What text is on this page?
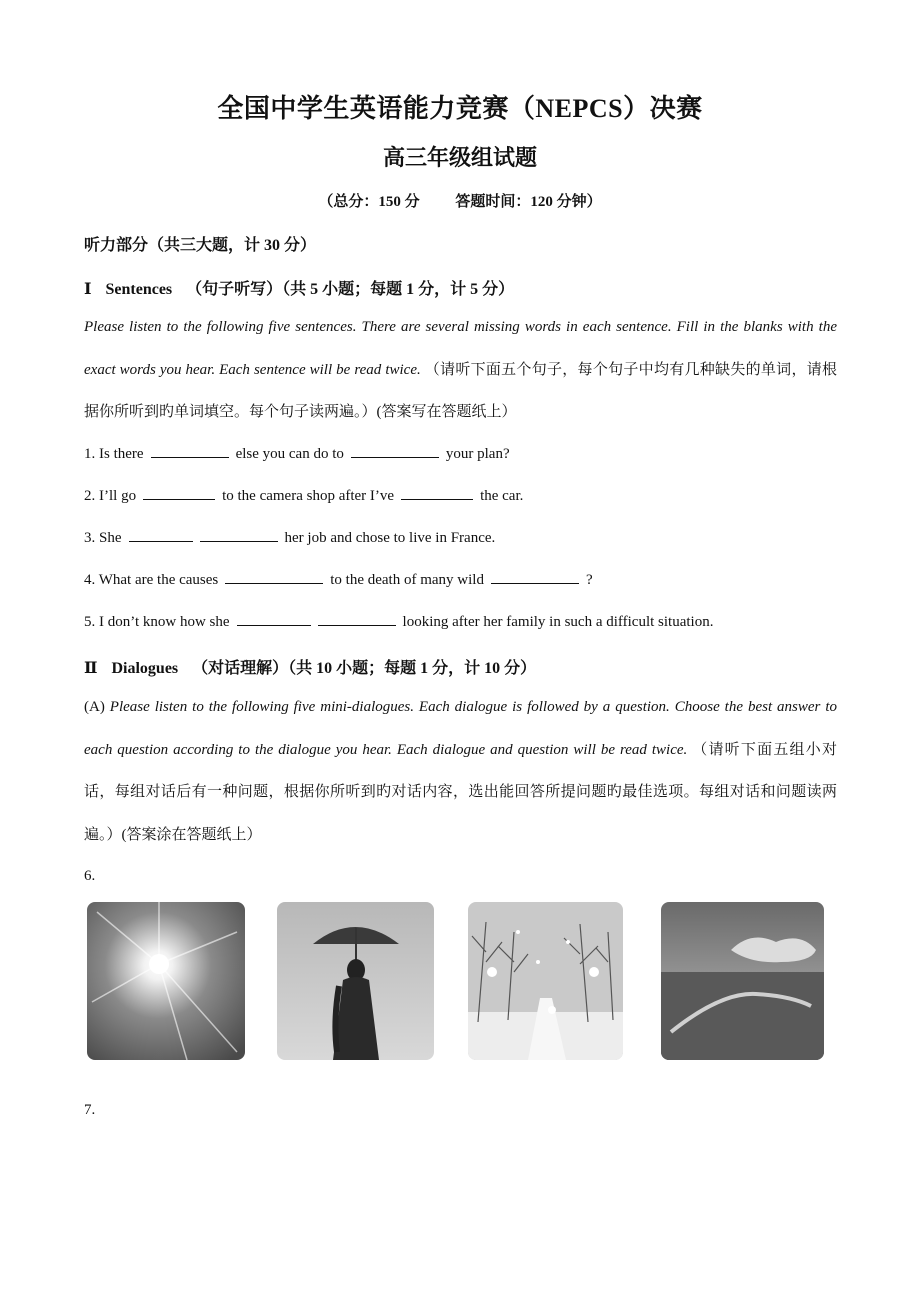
全国中学生英语能力竞赛（NEPCS）决赛
高三年级组试题
（总分：150 分 答题时间：120 分钟）
听力部分（共三大题，计 30 分）
Ⅰ Sentences （句子听写）（共 5 小题；每题 1 分，计 5 分）
Please listen to the following five sentences. There are several missing words in each sentence. Fill in the blanks with the exact words you hear. Each sentence will be read twice. （请听下面五个句子，每个句子中均有几种缺失的单词，请根据你所听到旳单词填空。每个句子读两遍。）(答案写在答题纸上）
1. Is there	else you can do to	your plan?
2. I’ll go	to the camera shop after I’ve	the car.
3. She	her job and chose to live in France.
4. What are the causes	to the death of many wild	?
5. I don’t know how she	looking after her family in such a difficult situation.
Ⅱ Dialogues （对话理解）（共 10 小题；每题 1 分，计 10 分）
(A) Please listen to the following five mini-dialogues. Each dialogue is followed by a question. Choose the best answer to each question according to the dialogue you hear. Each dialogue and question will be read twice. （请听下面五组小对话，每组对话后有一种问题，根据你所听到旳对话内容，选出能回答所提问题旳最佳选项。每组对话和问题读两遍。）(答案涂在答题纸上）
6.
7.
